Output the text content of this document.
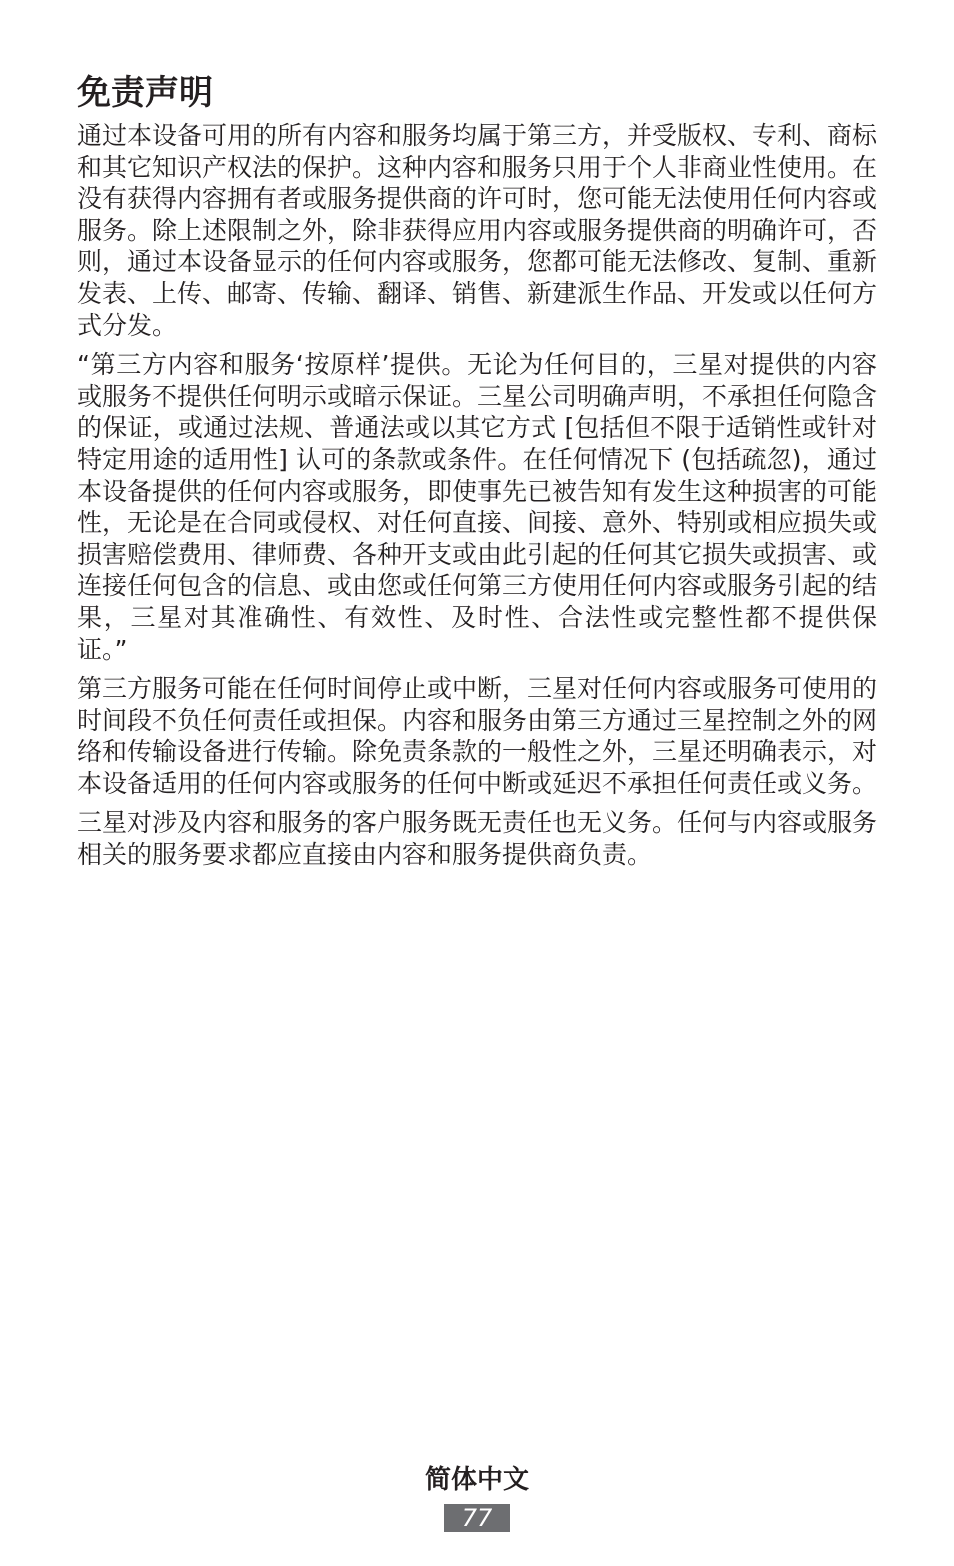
免责声明

通过本设备可用的所有内容和服务均属于第三方，并受版权、专利、商标和其它知识产权法的保护。这种内容和服务只用于个人非商业性使用。在没有获得内容拥有者或服务提供商的许可时，您可能无法使用任何内容或服务。除上述限制之外，除非获得应用内容或服务提供商的明确许可，否则，通过本设备显示的任何内容或服务，您都可能无法修改、复制、重新发表、上传、邮寄、传输、翻译、销售、新建派生作品、开发或以任何方式分发。

“第三方内容和服务‘按原样’提供。无论为任何目的，三星对提供的内容或服务不提供任何明示或暗示保证。三星公司明确声明，不承担任何隐含的保证，或通过法规、普通法或以其它方式 [包括但不限于适销性或针对特定用途的适用性] 认可的条款或条件。在任何情况下 (包括疏忽)，通过本设备提供的任何内容或服务，即使事先已被告知有发生这种损害的可能性，无论是在合同或侵权、对任何直接、间接、意外、特别或相应损失或损害赔偿费用、律师费、各种开支或由此引起的任何其它损失或损害、或连接任何包含的信息、或由您或任何第三方使用任何内容或服务引起的结果，三星对其准确性、有效性、及时性、合法性或完整性都不提供保证。”

第三方服务可能在任何时间停止或中断，三星对任何内容或服务可使用的时间段不负任何责任或担保。内容和服务由第三方通过三星控制之外的网络和传输设备进行传输。除免责条款的一般性之外，三星还明确表示，对本设备适用的任何内容或服务的任何中断或延迟不承担任何责任或义务。

三星对涉及内容和服务的客户服务既无责任也无义务。任何与内容或服务相关的服务要求都应直接由内容和服务提供商负责。

简体中文
77
